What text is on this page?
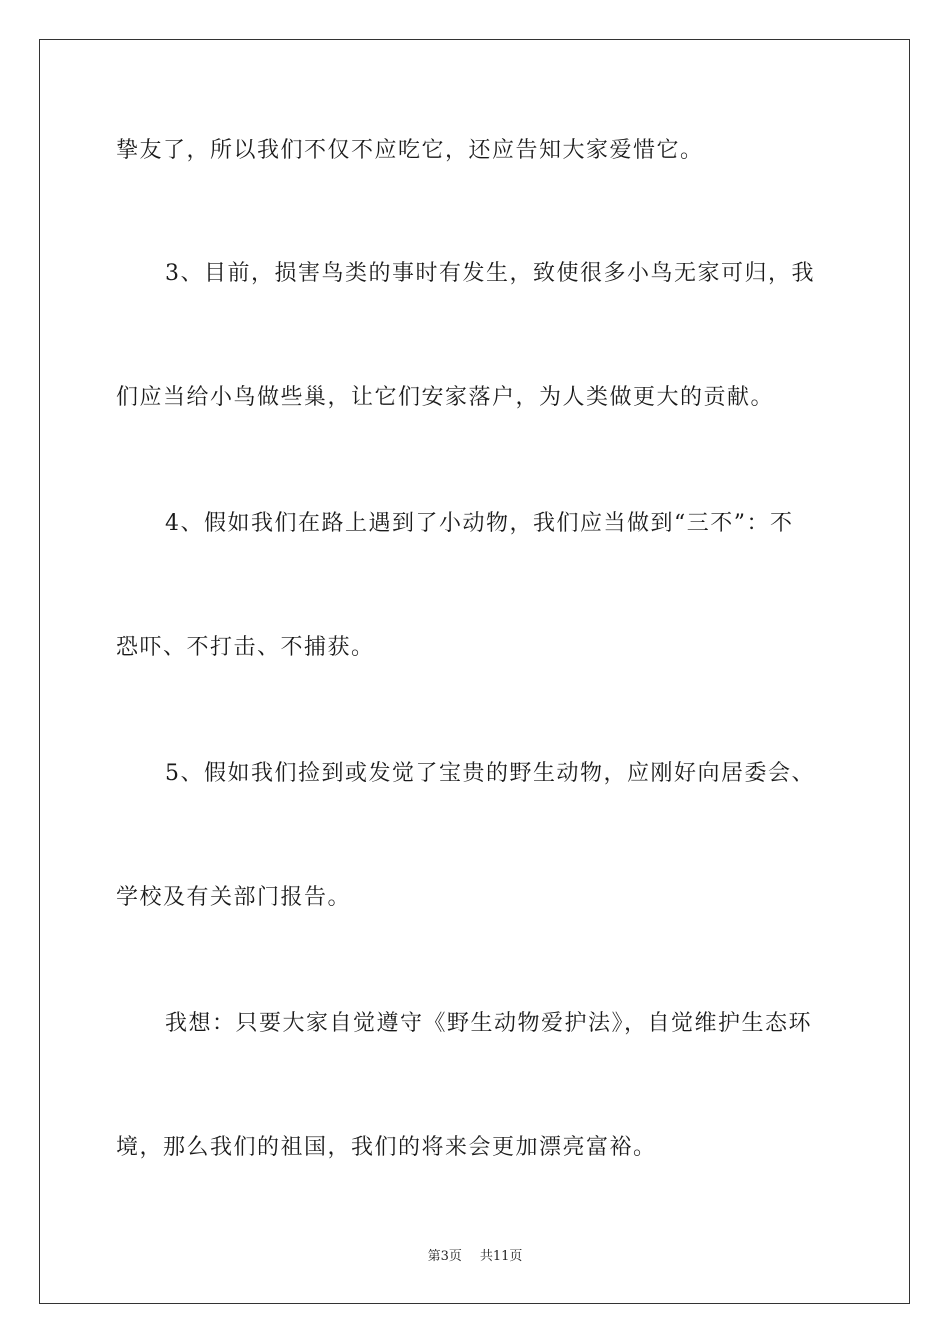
挚友了，所以我们不仅不应吃它，还应告知大家爱惜它。
3、目前，损害鸟类的事时有发生，致使很多小鸟无家可归，我
们应当给小鸟做些巢，让它们安家落户，为人类做更大的贡献。
4、假如我们在路上遇到了小动物，我们应当做到“三不”：不
恐吓、不打击、不捕获。
5、假如我们捡到或发觉了宝贵的野生动物，应刚好向居委会、
学校及有关部门报告。
我想：只要大家自觉遵守《野生动物爱护法》，自觉维护生态环
境，那么我们的祖国，我们的将来会更加漂亮富裕。
第3页 共11页
